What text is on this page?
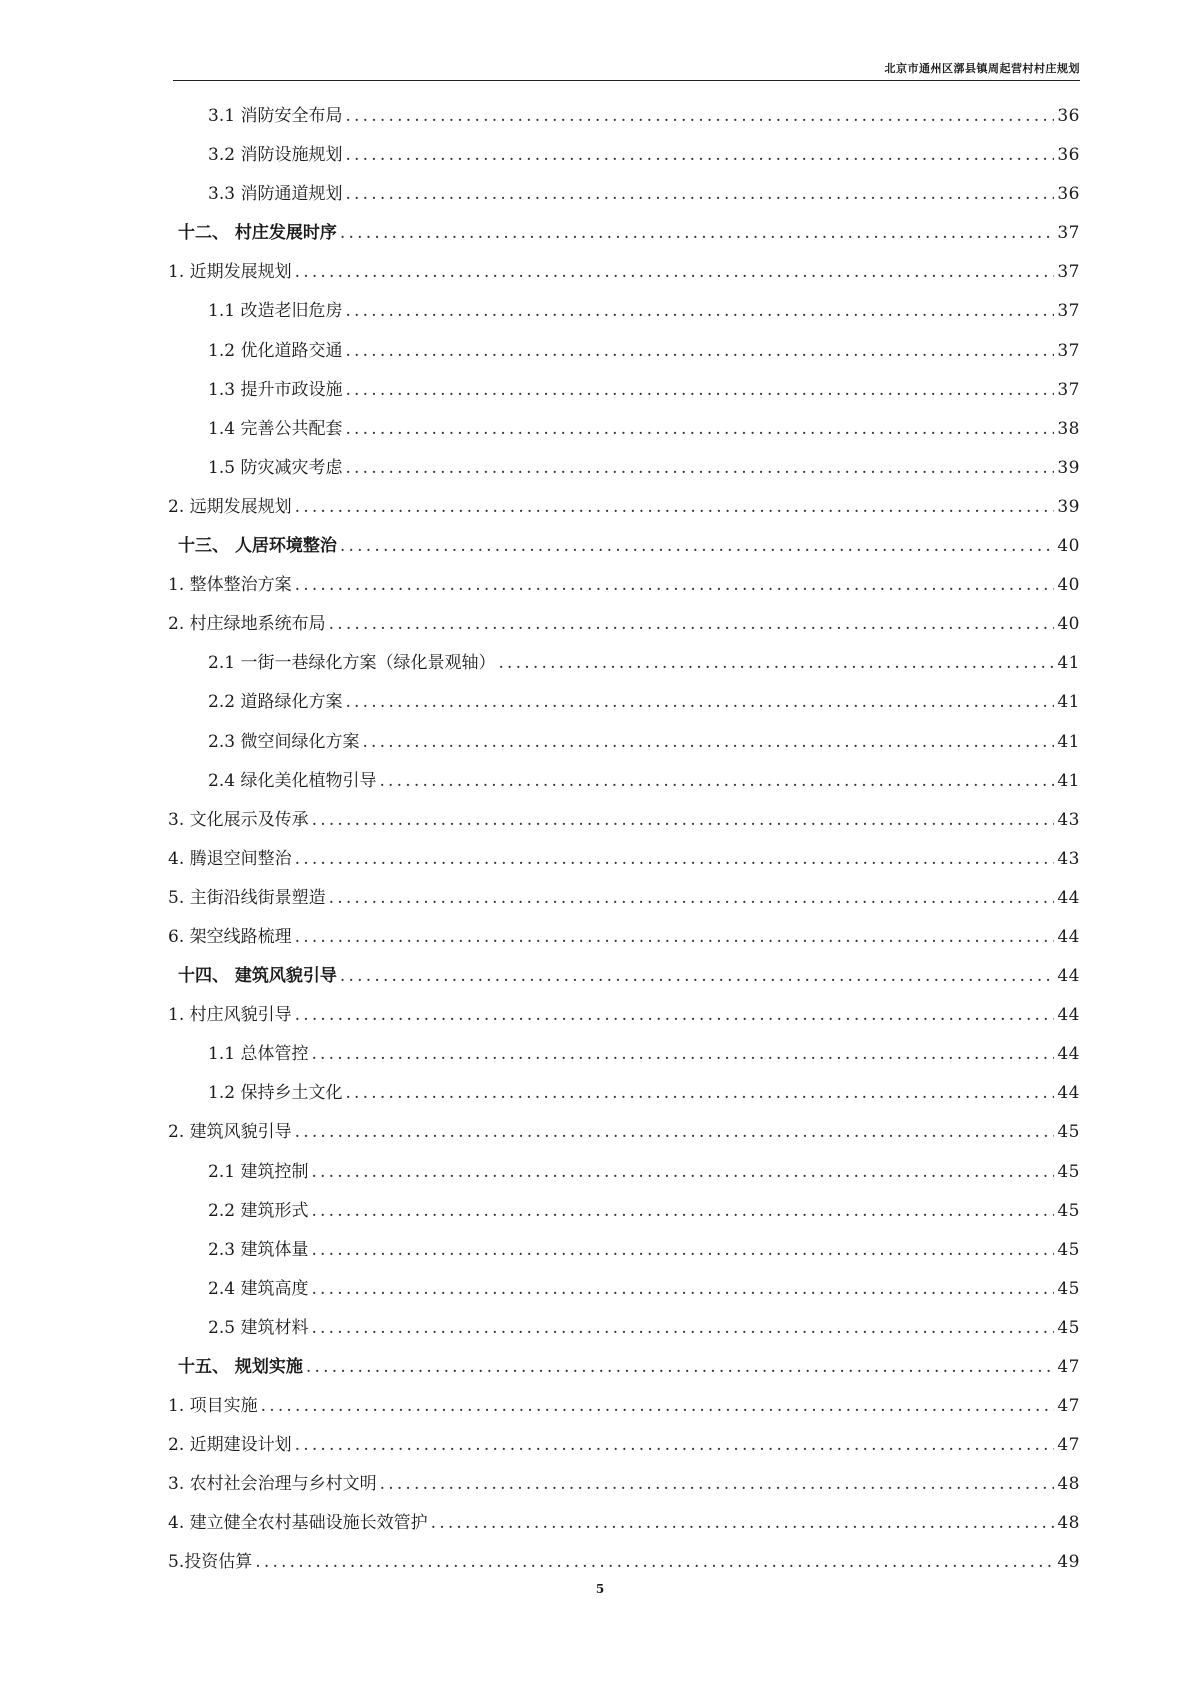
北京市通州区漷县镇周起营村村庄规划
3.1 消防安全布局 .....	36
3.2 消防设施规划 .....	36
3.3 消防通道规划 .....	36
十二、 村庄发展时序 .....	37
1. 近期发展规划 .....	37
1.1 改造老旧危房 .....	37
1.2 优化道路交通 .....	37
1.3 提升市政设施 .....	37
1.4 完善公共配套 .....	38
1.5 防灾减灾考虑 .....	39
2. 远期发展规划 .....	39
十三、 人居环境整治 .....	40
1. 整体整治方案 .....	40
2. 村庄绿地系统布局 .....	40
2.1 一街一巷绿化方案（绿化景观轴） .....	41
2.2 道路绿化方案 .....	41
2.3 微空间绿化方案 .....	41
2.4 绿化美化植物引导 .....	41
3. 文化展示及传承 .....	43
4. 腾退空间整治 .....	43
5. 主街沿线街景塑造 .....	44
6. 架空线路梳理 .....	44
十四、 建筑风貌引导 .....	44
1. 村庄风貌引导 .....	44
1.1 总体管控 .....	44
1.2 保持乡土文化 .....	44
2. 建筑风貌引导 .....	45
2.1 建筑控制 .....	45
2.2 建筑形式 .....	45
2.3 建筑体量 .....	45
2.4 建筑高度 .....	45
2.5 建筑材料 .....	45
十五、 规划实施 .....	47
1. 项目实施 .....	47
2. 近期建设计划 .....	47
3. 农村社会治理与乡村文明 .....	48
4. 建立健全农村基础设施长效管护 .....	48
5.投资估算 .....	49
5
